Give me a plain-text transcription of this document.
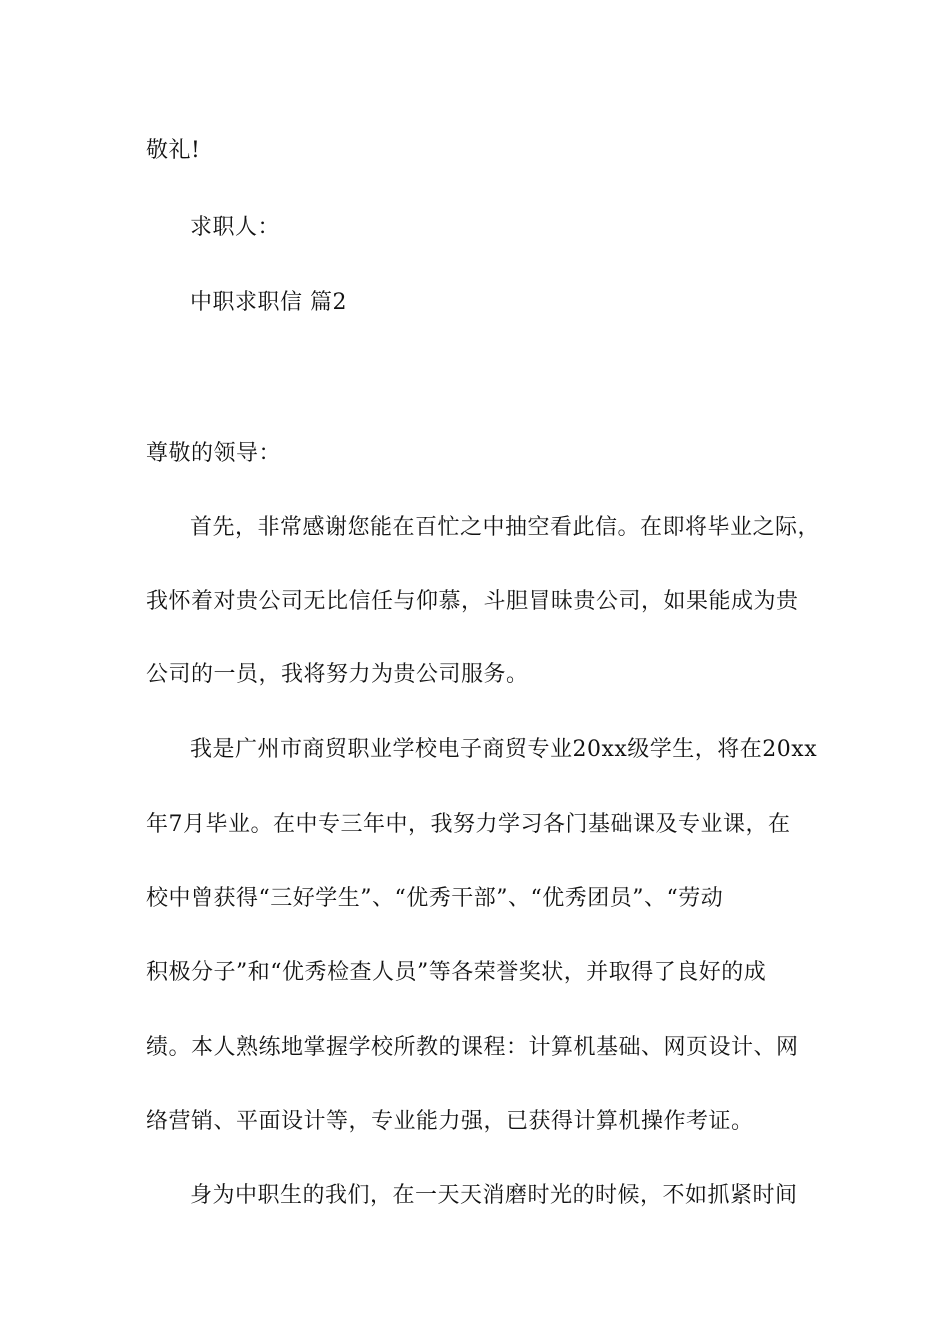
敬礼!
求职人：
中职求职信 篇2
尊敬的领导：
首先，非常感谢您能在百忙之中抽空看此信。在即将毕业之际，
我怀着对贵公司无比信任与仰慕，斗胆冒昧贵公司，如果能成为贵
公司的一员，我将努力为贵公司服务。
我是广州市商贸职业学校电子商贸专业20xx级学生，将在20xx
年7月毕业。在中专三年中，我努力学习各门基础课及专业课，在
校中曾获得“三好学生”、“优秀干部”、“优秀团员”、“劳动
积极分子”和“优秀检查人员”等各荣誉奖状，并取得了良好的成
绩。本人熟练地掌握学校所教的课程：计算机基础、网页设计、网
络营销、平面设计等，专业能力强，已获得计算机操作考证。
身为中职生的我们，在一天天消磨时光的时候，不如抓紧时间
